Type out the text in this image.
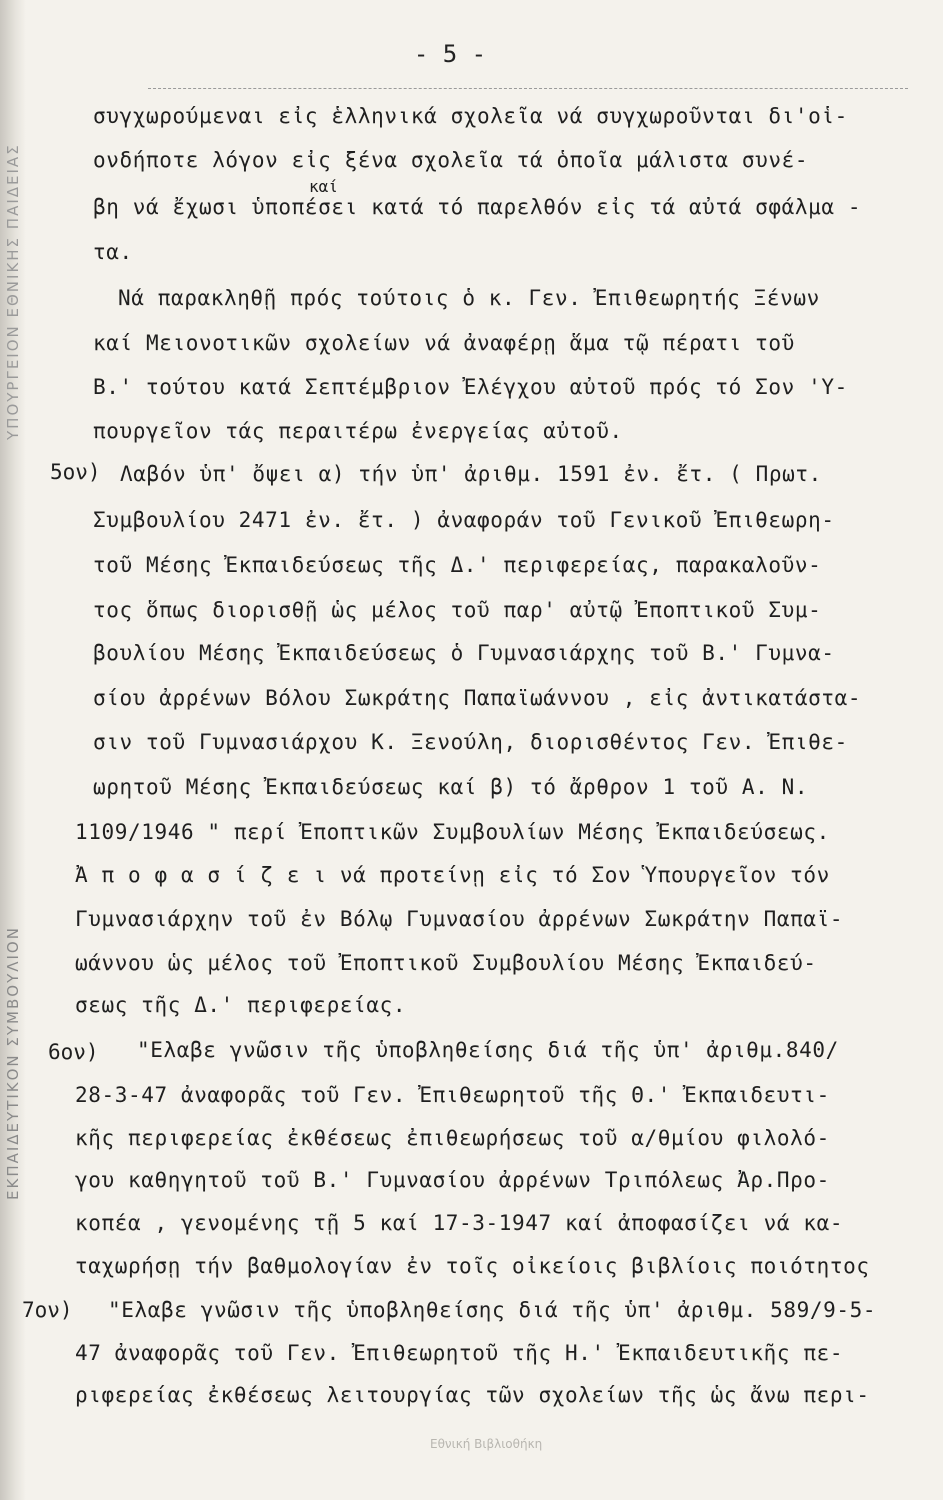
ΥΠΟΥΡΓΕΙΟΝ ΕΘΝΙΚΗΣ ΠΑΙΔΕΙΑΣ
ΕΚΠΑΙΔΕΥΤΙΚΟΝ ΣΥΜΒΟΥΛΙΟΝ
- 5 -
καί
5ον)
6ον)
7ον)
συγχωρούμεναι εἰς ἑλληνικά σχολεῖα νά συγχωροῦνται δι'οἱ-
ονδήποτε λόγον εἰς ξένα σχολεῖα τά ὁποῖα μάλιστα συνέ-
βη νά ἔχωσι ὑποπέσει κατά τό παρελθόν εἰς τά αὐτά σφάλμα -
τα.
Νά παρακληθῇ πρός τούτοις ὁ κ. Γεν. Ἐπιθεωρητής Ξένων
καί Μειονοτικῶν σχολείων νά ἀναφέρῃ ἅμα τῷ πέρατι τοῦ
Β.' τούτου κατά Σεπτέμβριον Ἐλέγχου αὐτοῦ πρός τό Σον 'Υ-
πουργεῖον τάς περαιτέρω ἐνεργείας αὐτοῦ.
Λαβόν ὑπ' ὄψει α) τήν ὑπ' ἀριθμ. 1591 ἐν. ἔτ. ( Πρωτ.
Συμβουλίου 2471 ἐν. ἔτ. ) ἀναφοράν τοῦ Γενικοῦ Ἐπιθεωρη-
τοῦ Μέσης Ἐκπαιδεύσεως τῆς Δ.' περιφερείας, παρακαλοῦν-
τος ὅπως διορισθῇ ὡς μέλος τοῦ παρ' αὐτῷ Ἐποπτικοῦ Συμ-
βουλίου Μέσης Ἐκπαιδεύσεως ὁ Γυμνασιάρχης τοῦ Β.' Γυμνα-
σίου ἀρρένων Βόλου Σωκράτης Παπαϊωάννου , εἰς ἀντικατάστα-
σιν τοῦ Γυμνασιάρχου Κ. Ξενούλη, διορισθέντος Γεν. Ἐπιθε-
ωρητοῦ Μέσης Ἐκπαιδεύσεως καί β) τό ἄρθρον 1 τοῦ Α. Ν.
1109/1946 " περί Ἐποπτικῶν Συμβουλίων Μέσης Ἐκπαιδεύσεως.
Ἀ π ο φ α σ ί ζ ε ι νά προτείνῃ εἰς τό Σον Ὑπουργεῖον τόν
Γυμνασιάρχην τοῦ ἐν Βόλῳ Γυμνασίου ἀρρένων Σωκράτην Παπαϊ-
ωάννου ὡς μέλος τοῦ Ἐποπτικοῦ Συμβουλίου Μέσης Ἐκπαιδεύ-
σεως τῆς Δ.' περιφερείας.
"Ελαβε γνῶσιν τῆς ὑποβληθείσης διά τῆς ὑπ' ἀριθμ.840/
28-3-47 ἀναφορᾶς τοῦ Γεν. Ἐπιθεωρητοῦ τῆς Θ.' Ἐκπαιδευτι-
κῆς περιφερείας ἐκθέσεως ἐπιθεωρήσεως τοῦ α/θμίου φιλολό-
γου καθηγητοῦ τοῦ Β.' Γυμνασίου ἀρρένων Τριπόλεως Ἀρ.Προ-
κοπέα , γενομένης τῇ 5 καί 17-3-1947 καί ἀποφασίζει νά κα-
ταχωρήσῃ τήν βαθμολογίαν ἐν τοῖς οἰκείοις βιβλίοις ποιότητος
"Ελαβε γνῶσιν τῆς ὑποβληθείσης διά τῆς ὑπ' ἀριθμ. 589/9-5-
47 ἀναφορᾶς τοῦ Γεν. Ἐπιθεωρητοῦ τῆς Η.' Ἐκπαιδευτικῆς πε-
ριφερείας ἐκθέσεως λειτουργίας τῶν σχολείων τῆς ὡς ἄνω περι-
Εθνική Βιβλιοθήκη
